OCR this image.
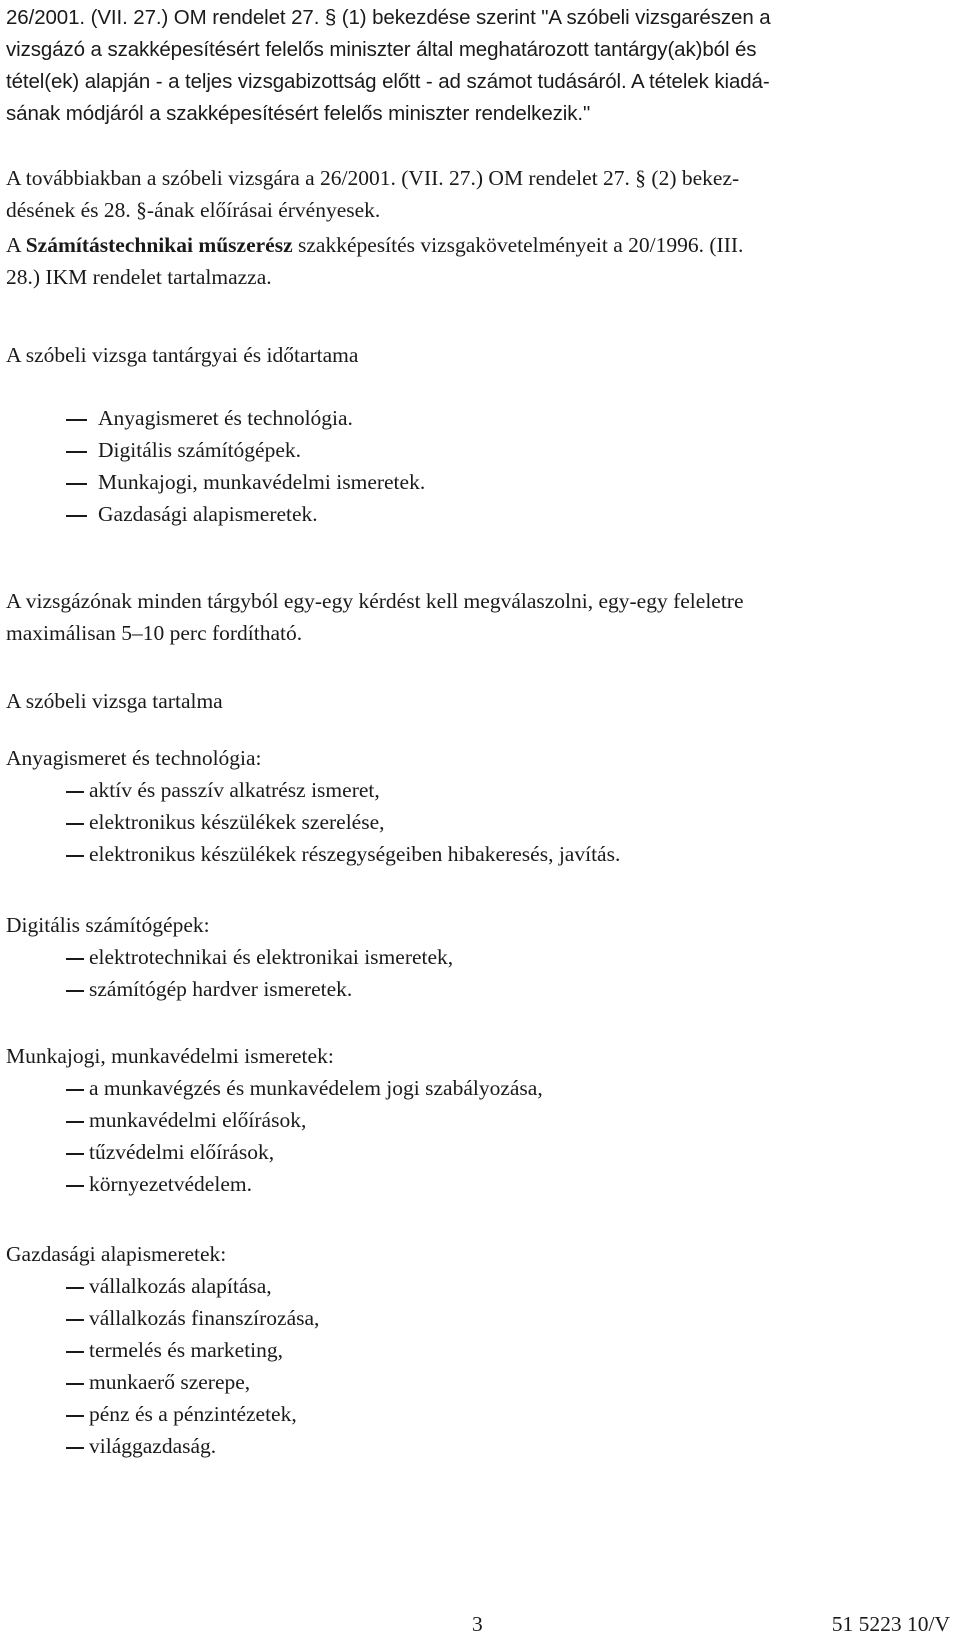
26/2001. (VII. 27.) OM rendelet 27. § (1) bekezdése szerint "A szóbeli vizsgarészen a

vizsgázó a szakképesítésért felelős miniszter által meghatározott tantárgy(ak)ból és

tétel(ek) alapján - a teljes vizsgabizottság előtt - ad számot tudásáról. A tételek kiadá-

sának módjáról a szakképesítésért felelős miniszter rendelkezik."

A továbbiakban a szóbeli vizsgára a 26/2001. (VII. 27.) OM rendelet 27. § (2) bekez-

désének és 28. §-ának előírásai érvényesek.

A Számítástechnikai műszerész szakképesítés vizsgakövetelményeit a 20/1996. (III.

28.) IKM rendelet tartalmazza.

A szóbeli vizsga tantárgyai és időtartama

Anyagismeret és technológia.
Digitális számítógépek.
Munkajogi, munkavédelmi ismeretek.
Gazdasági alapismeretek.

A vizsgázónak minden tárgyból egy-egy kérdést kell megválaszolni, egy-egy feleletre

maximálisan 5–10 perc fordítható.

A szóbeli vizsga tartalma

Anyagismeret és technológia:

aktív és passzív alkatrész ismeret,
elektronikus készülékek szerelése,
elektronikus készülékek részegységeiben hibakeresés, javítás.

Digitális számítógépek:

elektrotechnikai és elektronikai ismeretek,
számítógép hardver ismeretek.

Munkajogi, munkavédelmi ismeretek:

a munkavégzés és munkavédelem jogi szabályozása,
munkavédelmi előírások,
tűzvédelmi előírások,
környezetvédelem.

Gazdasági alapismeretek:

vállalkozás alapítása,
vállalkozás finanszírozása,
termelés és marketing,
munkaerő szerepe,
pénz és a pénzintézetek,
világgazdaság.
3	51 5223 10/V
